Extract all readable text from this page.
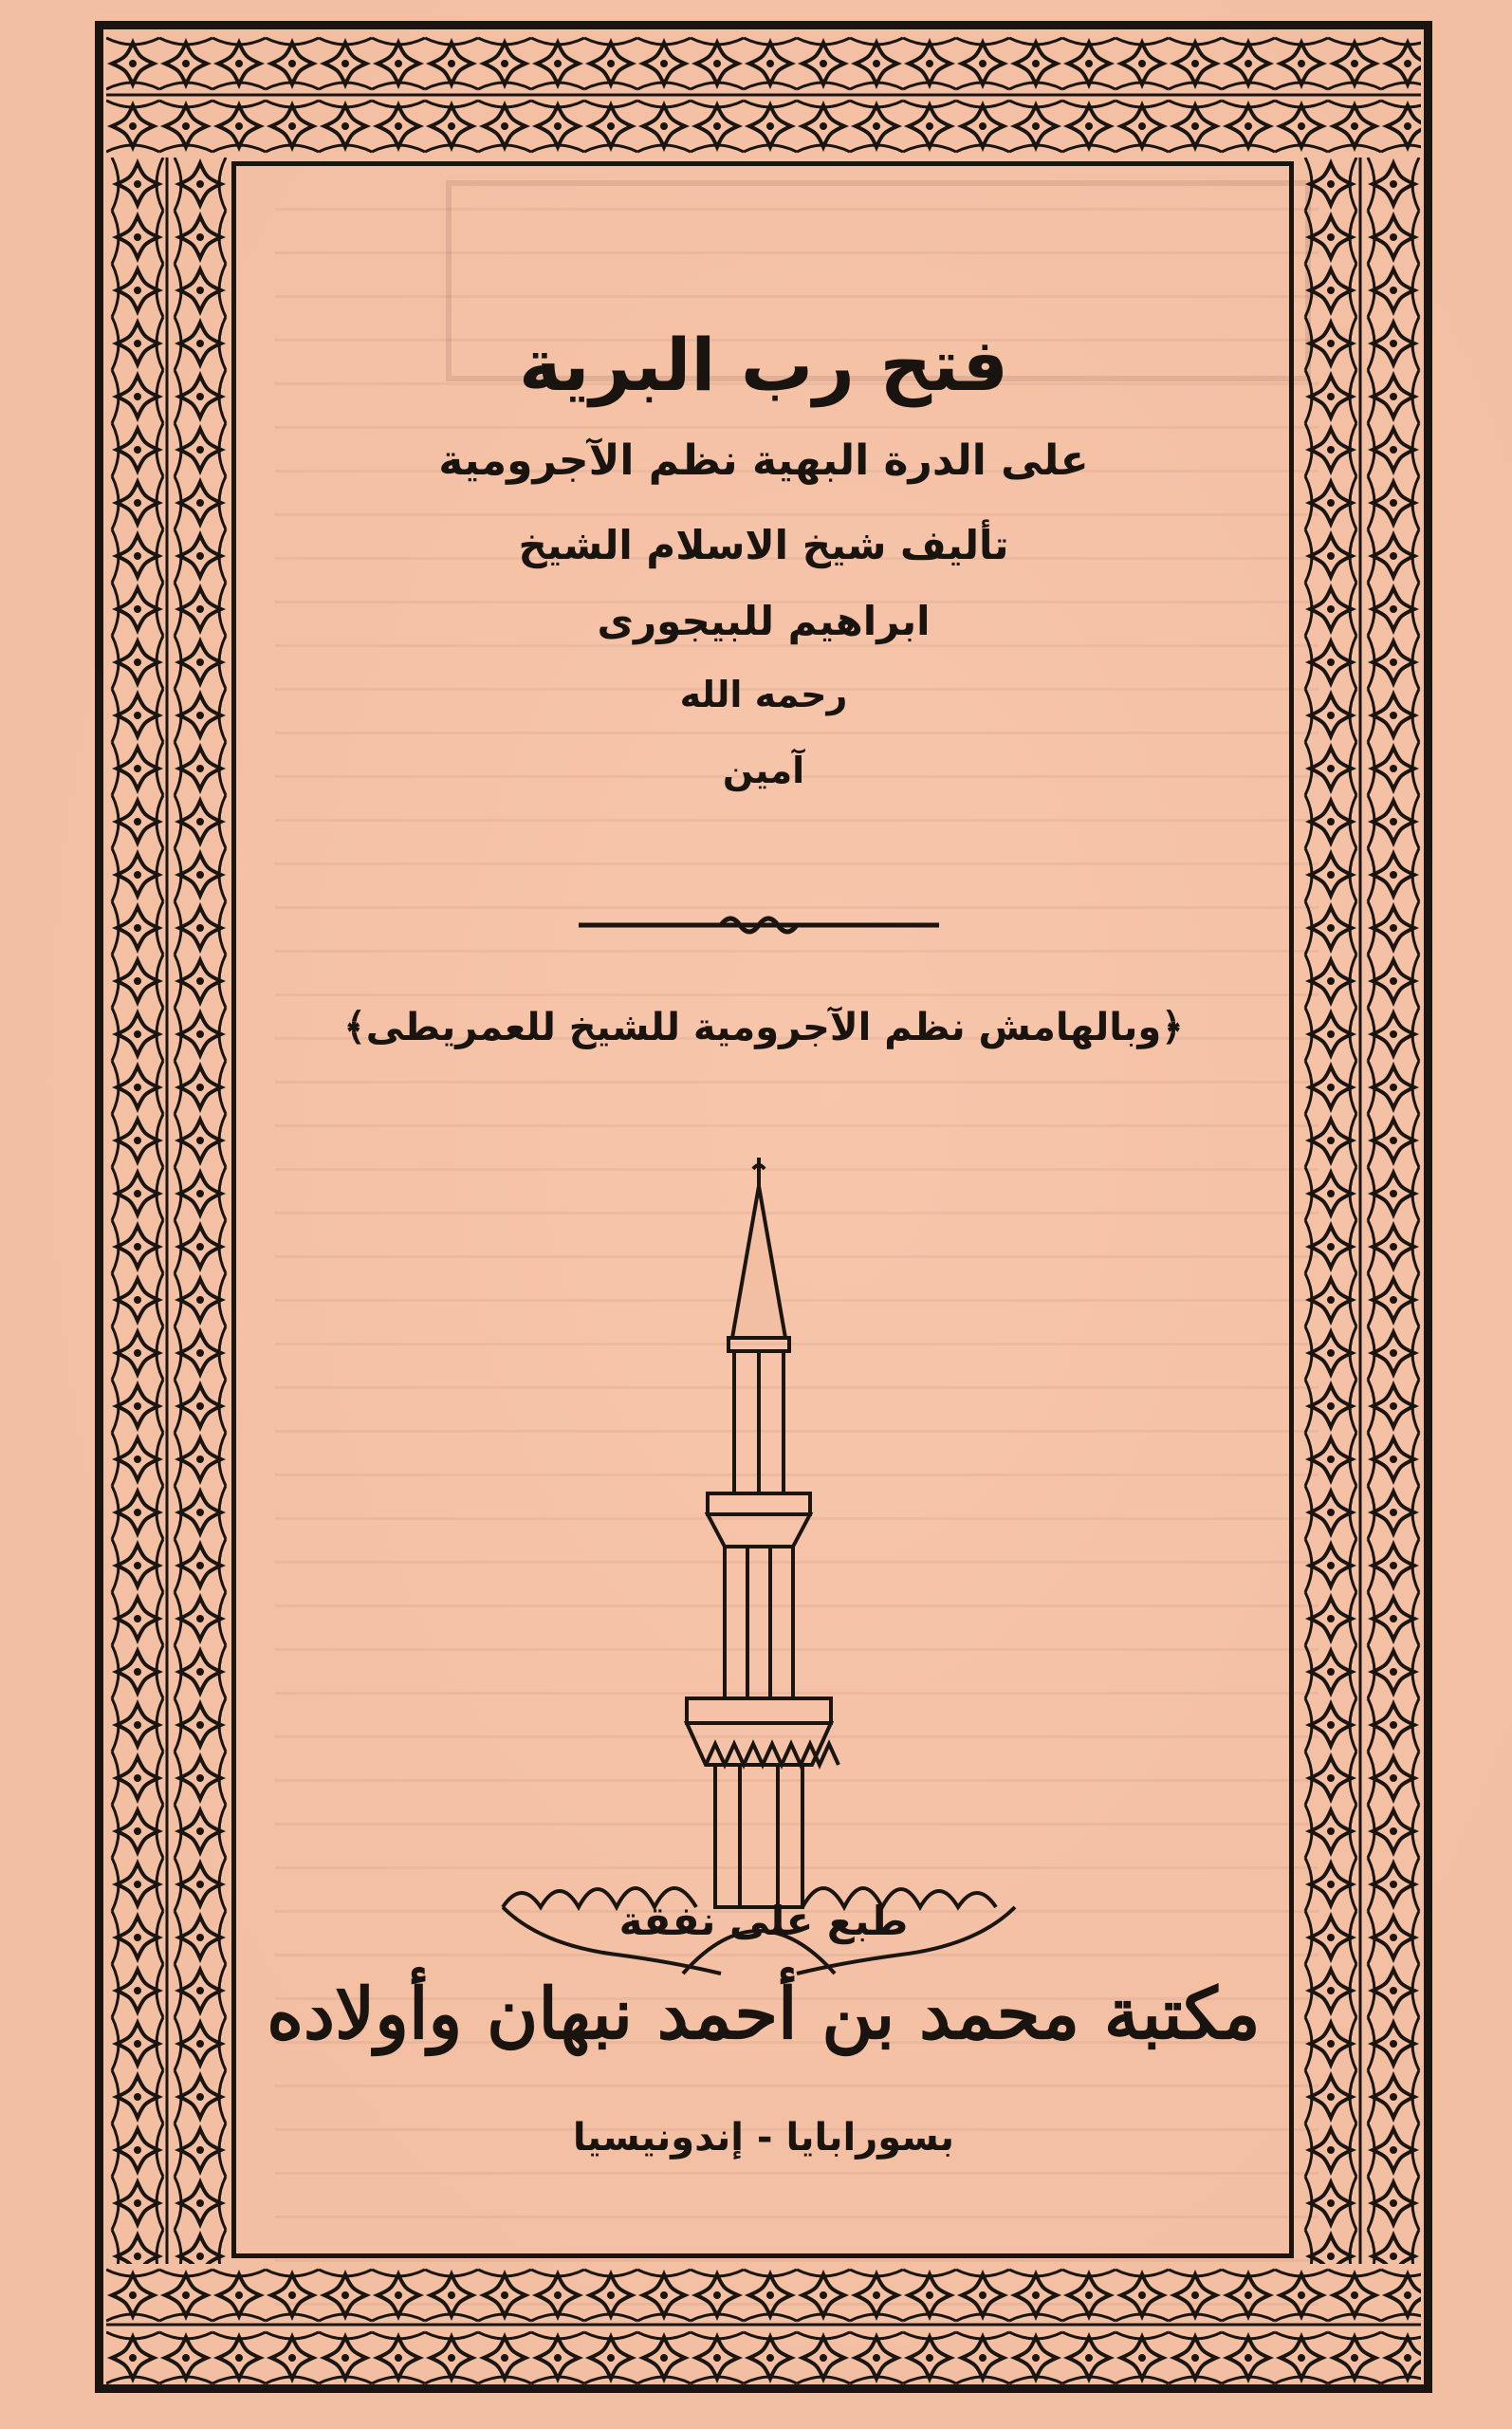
فتح رب البرية
على الدرة البهية نظم الآجرومية
تأليف شيخ الاسلام الشيخ
ابراهيم للبيجورى
رحمه الله
آمين
﴿وبالهامش نظم الآجرومية للشيخ للعمريطى﴾
طبع على نفقة
مكتبة محمد بن أحمد نبهان وأولاده
بسورابايا - إندونيسيا
